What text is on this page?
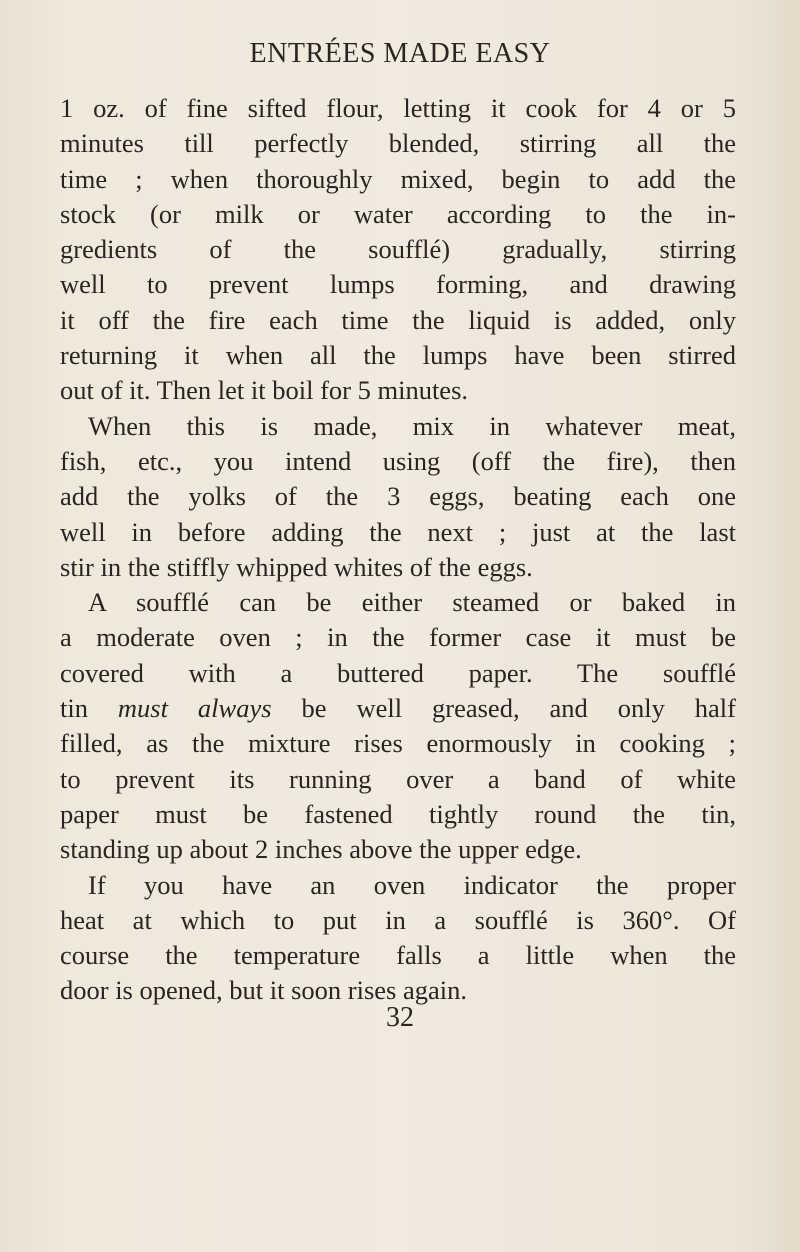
ENTRÉES MADE EASY
1 oz. of fine sifted flour, letting it cook for 4 or 5
minutes till perfectly blended, stirring all the
time ; when thoroughly mixed, begin to add the
stock (or milk or water according to the in-
gredients of the soufflé) gradually, stirring
well to prevent lumps forming, and drawing
it off the fire each time the liquid is added, only
returning it when all the lumps have been stirred
out of it. Then let it boil for 5 minutes.
When this is made, mix in whatever meat,
fish, etc., you intend using (off the fire), then
add the yolks of the 3 eggs, beating each one
well in before adding the next ; just at the last
stir in the stiffly whipped whites of the eggs.
A soufflé can be either steamed or baked in
a moderate oven ; in the former case it must be
covered with a buttered paper. The soufflé
tin must always be well greased, and only half
filled, as the mixture rises enormously in cooking ;
to prevent its running over a band of white
paper must be fastened tightly round the tin,
standing up about 2 inches above the upper edge.
If you have an oven indicator the proper
heat at which to put in a soufflé is 360°. Of
course the temperature falls a little when the
door is opened, but it soon rises again.
32
